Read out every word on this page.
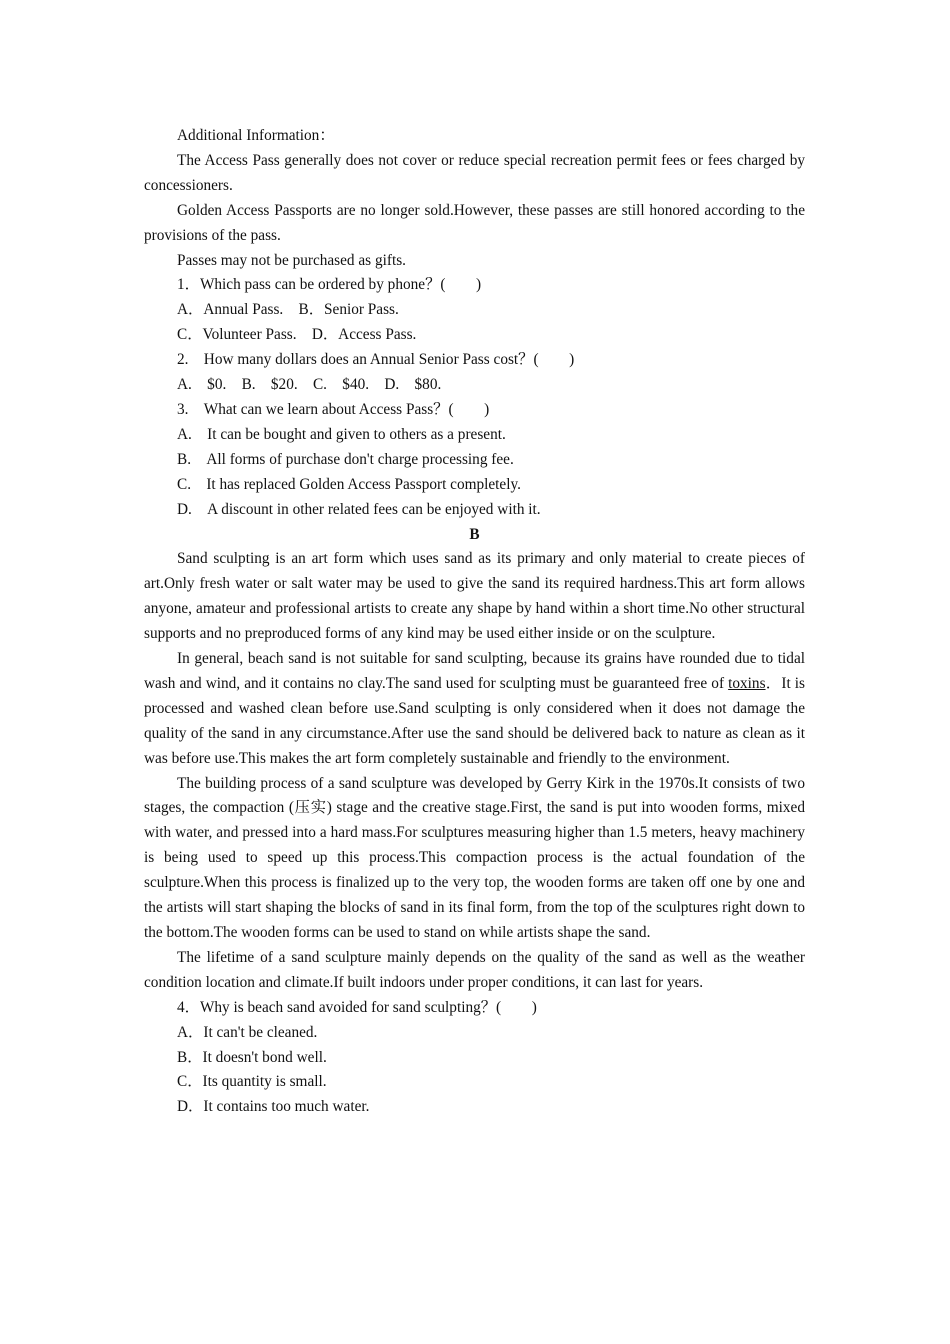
Additional Information：

The Access Pass generally does not cover or reduce special recreation permit fees or fees charged by concessioners.

Golden Access Passports are no longer sold.However, these passes are still honored according to the provisions of the pass.

Passes may not be purchased as gifts.

1．Which pass can be ordered by phone？(　　)

A．Annual Pass.　B．Senior Pass.

C．Volunteer Pass.　D．Access Pass.

2.　How many dollars does an Annual Senior Pass cost？(　　)

A.　$0.　B.　$20.　C.　$40.　D.　$80.

3.　What can we learn about Access Pass？(　　)

A.　It can be bought and given to others as a present.

B.　All forms of purchase don't charge processing fee.

C.　It has replaced Golden Access Passport completely.

D.　A discount in other related fees can be enjoyed with it.

B

Sand sculpting is an art form which uses sand as its primary and only material to create pieces of art.Only fresh water or salt water may be used to give the sand its required hardness.This art form allows anyone, amateur and professional artists to create any shape by hand within a short time.No other structural supports and no preproduced forms of any kind may be used either inside or on the sculpture.

In general, beach sand is not suitable for sand sculpting, because its grains have rounded due to tidal wash and wind, and it contains no clay.The sand used for sculpting must be guaranteed free of toxins．It is processed and washed clean before use.Sand sculpting is only considered when it does not damage the quality of the sand in any circumstance.After use the sand should be delivered back to nature as clean as it was before use.This makes the art form completely sustainable and friendly to the environment.

The building process of a sand sculpture was developed by Gerry Kirk in the 1970s.It consists of two stages, the compaction (压实) stage and the creative stage.First, the sand is put into wooden forms, mixed with water, and pressed into a hard mass.For sculptures measuring higher than 1.5 meters, heavy machinery is being used to speed up this process.This compaction process is the actual foundation of the sculpture.When this process is finalized up to the very top, the wooden forms are taken off one by one and the artists will start shaping the blocks of sand in its final form, from the top of the sculptures right down to the bottom.The wooden forms can be used to stand on while artists shape the sand.

The lifetime of a sand sculpture mainly depends on the quality of the sand as well as the weather condition location and climate.If built indoors under proper conditions, it can last for years.

4．Why is beach sand avoided for sand sculpting？(　　)

A．It can't be cleaned.

B．It doesn't bond well.

C．Its quantity is small.

D．It contains too much water.
